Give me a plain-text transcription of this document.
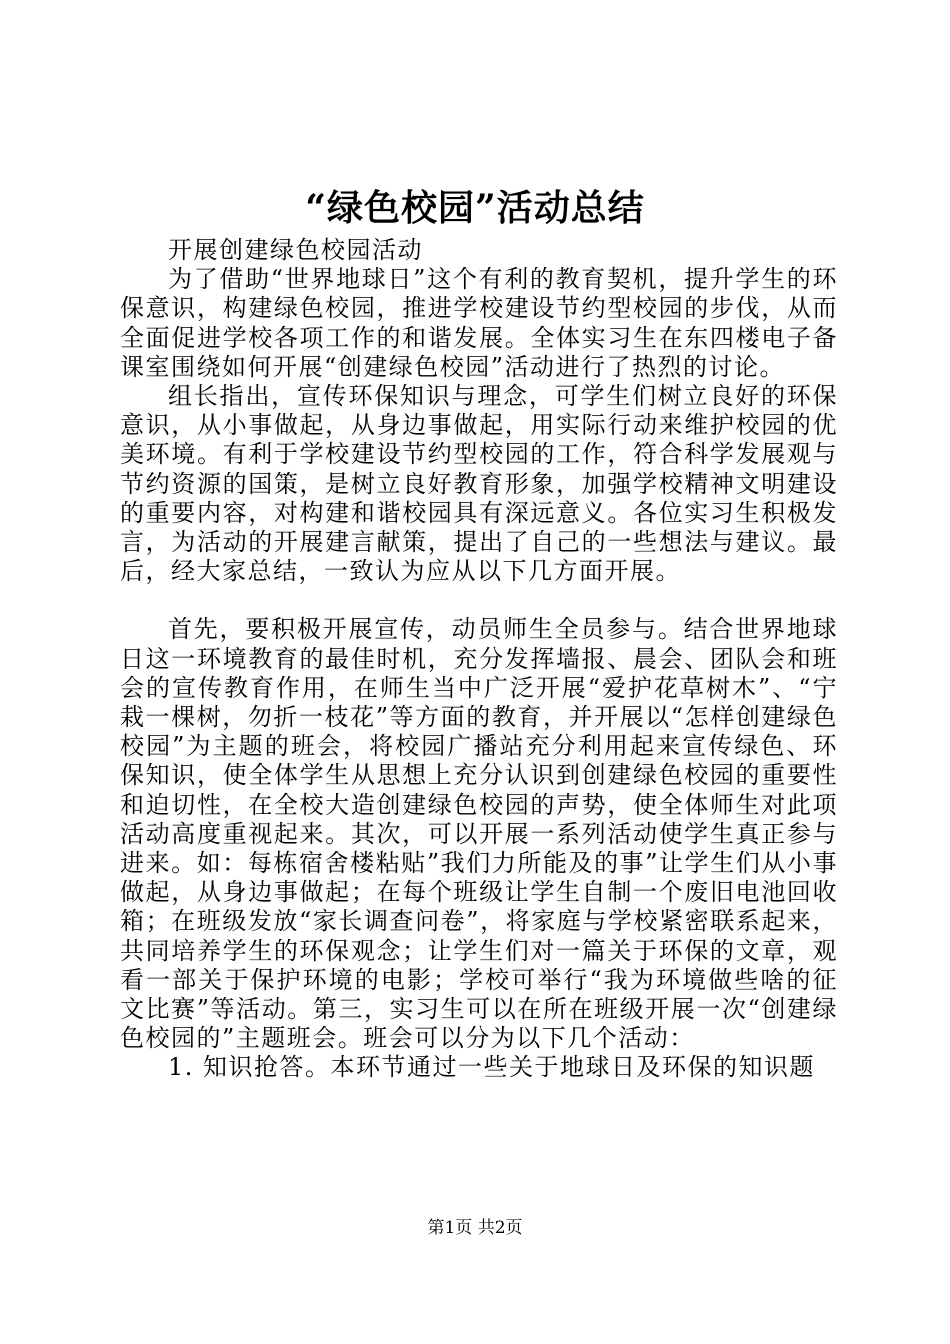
“绿色校园”活动总结

开展创建绿色校园活动

为了借助“世界地球日”这个有利的教育契机，提升学生的环保意识，构建绿色校园，推进学校建设节约型校园的步伐，从而全面促进学校各项工作的和谐发展。全体实习生在东四楼电子备课室围绕如何开展“创建绿色校园”活动进行了热烈的讨论。

组长指出，宣传环保知识与理念，可学生们树立良好的环保意识，从小事做起，从身边事做起，用实际行动来维护校园的优美环境。有利于学校建设节约型校园的工作，符合科学发展观与节约资源的国策，是树立良好教育形象，加强学校精神文明建设的重要内容，对构建和谐校园具有深远意义。各位实习生积极发言，为活动的开展建言献策，提出了自己的一些想法与建议。最后，经大家总结，一致认为应从以下几方面开展。

首先，要积极开展宣传，动员师生全员参与。结合世界地球日这一环境教育的最佳时机，充分发挥墙报、晨会、团队会和班会的宣传教育作用，在师生当中广泛开展“爱护花草树木”、“宁栽一棵树，勿折一枝花”等方面的教育，并开展以“怎样创建绿色校园”为主题的班会，将校园广播站充分利用起来宣传绿色、环保知识，使全体学生从思想上充分认识到创建绿色校园的重要性和迫切性，在全校大造创建绿色校园的声势，使全体师生对此项活动高度重视起来。其次，可以开展一系列活动使学生真正参与进来。如：每栋宿舍楼粘贴”我们力所能及的事”让学生们从小事做起，从身边事做起；在每个班级让学生自制一个废旧电池回收箱；在班级发放“家长调查问卷”，将家庭与学校紧密联系起来，共同培养学生的环保观念；让学生们对一篇关于环保的文章，观看一部关于保护环境的电影；学校可举行“我为环境做些啥的征文比赛”等活动。第三，实习生可以在所在班级开展一次“创建绿色校园的”主题班会。班会可以分为以下几个活动：

1. 知识抢答。本环节通过一些关于地球日及环保的知识题

第1页 共2页
